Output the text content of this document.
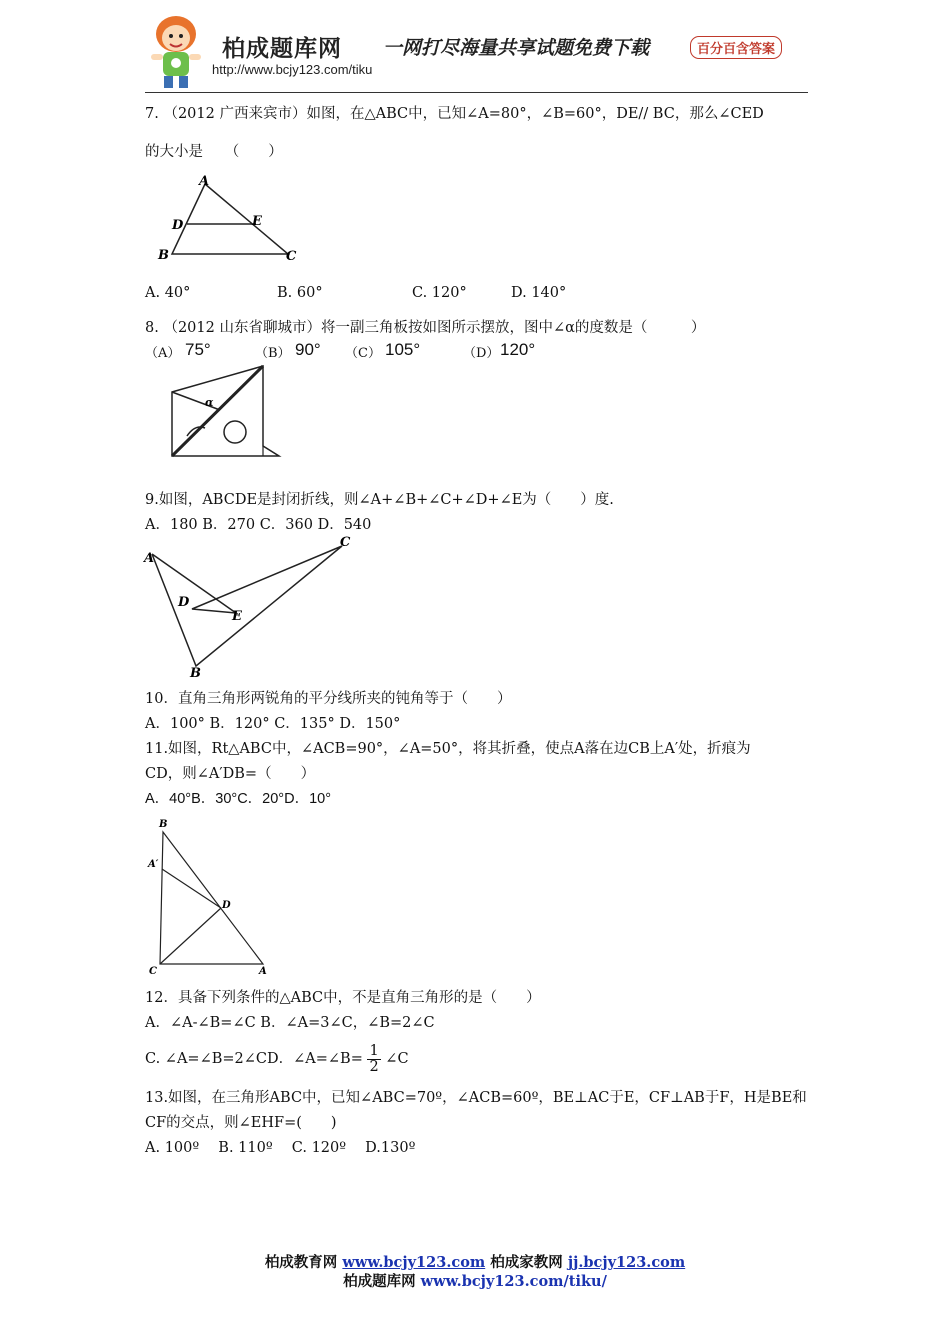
柏成题库网 一网打尽海量共享试题免费下载	百分百含答案
http://www.bcjy123.com/tiku
7. （2012 广西来宾市）如图，在△ABC中，已知∠A=80°，∠B=60°，DE// BC，那么∠CED
的大小是　　（　　）
A
D	E
B	C
A. 40°	B. 60°	C. 120°	D. 140°
8. （2012 山东省聊城市）将一副三角板按如图所示摆放，图中∠α的度数是（　　　）
（A） 75°	（B） 90° （C） 105°	（D） 120°
α
9.如图，ABCDE是封闭折线，则∠A+∠B+∠C+∠D+∠E为（　　）度.
A．180 B．270 C．360 D．540
A
C
D
E
B
10．直角三角形两锐角的平分线所夹的钝角等于（　　）
A．100° B．120° C．135° D．150°
11.如图，Rt△ABC中，∠ACB=90°，∠A=50°，将其折叠，使点A落在边CB上A′处，折痕为
CD，则∠A′DB=（　　）
A．40°B．30°C．20°D．10°
B
A′
D
C	A
12．具备下列条件的△ABC中，不是直角三角形的是（　　）
A．∠A-∠B=∠C B．∠A=3∠C，∠B=2∠C
C. ∠A=∠B=2∠CD．∠A=∠B= $\frac{1}{2}$ ∠C
13.如图，在三角形ABC中，已知∠ABC=70º，∠ACB=60º，BE⊥AC于E，CF⊥AB于F，H是BE和
CF的交点，则∠EHF=(　　)
A. 100º　 B. 110º　 C. 120º　 D.130º
柏成教育网 www.bcjy123.com 柏成家教网 jj.bcjy123.com
柏成题库网 www.bcjy123.com/tiku/
